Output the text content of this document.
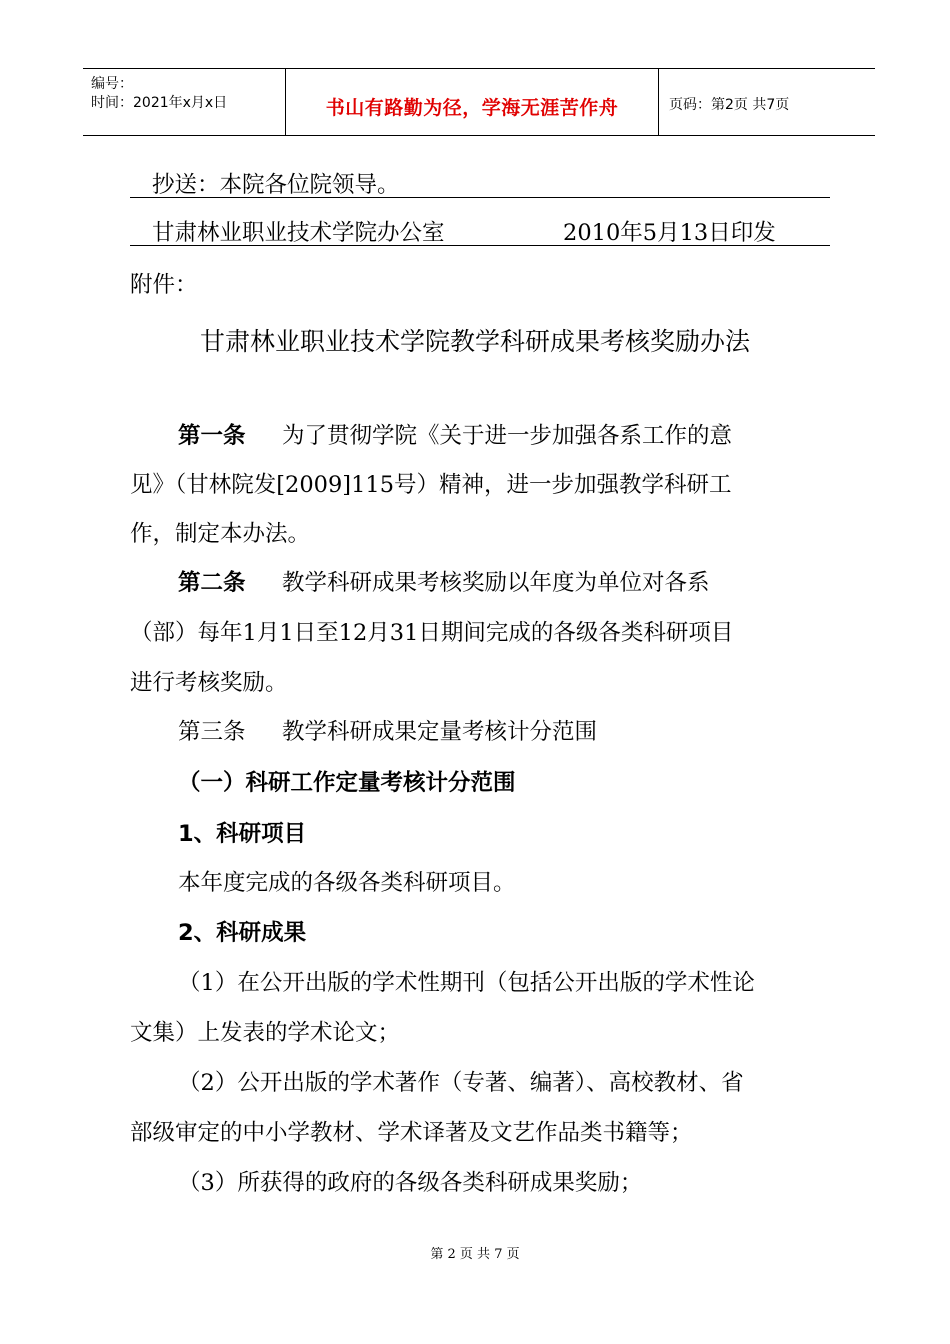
编号：
时间：2021年x月x日	书山有路勤为径，学海无涯苦作舟	页码：第2页 共7页
抄送：本院各位院领导。
甘肃林业职业技术学院办公室	2010年5月13日印发
附件：
甘肃林业职业技术学院教学科研成果考核奖励办法
第一条 为了贯彻学院《关于进一步加强各系工作的意
见》（甘林院发[2009]115号）精神，进一步加强教学科研工
作，制定本办法。
第二条 教学科研成果考核奖励以年度为单位对各系
（部）每年1月1日至12月31日期间完成的各级各类科研项目
进行考核奖励。
第三条 教学科研成果定量考核计分范围
（一）科研工作定量考核计分范围
1、科研项目
本年度完成的各级各类科研项目。
2、科研成果
（1）在公开出版的学术性期刊（包括公开出版的学术性论
文集）上发表的学术论文；
（2）公开出版的学术著作（专著、编著）、高校教材、省
部级审定的中小学教材、学术译著及文艺作品类书籍等；
（3）所获得的政府的各级各类科研成果奖励；
第 2 页 共 7 页
